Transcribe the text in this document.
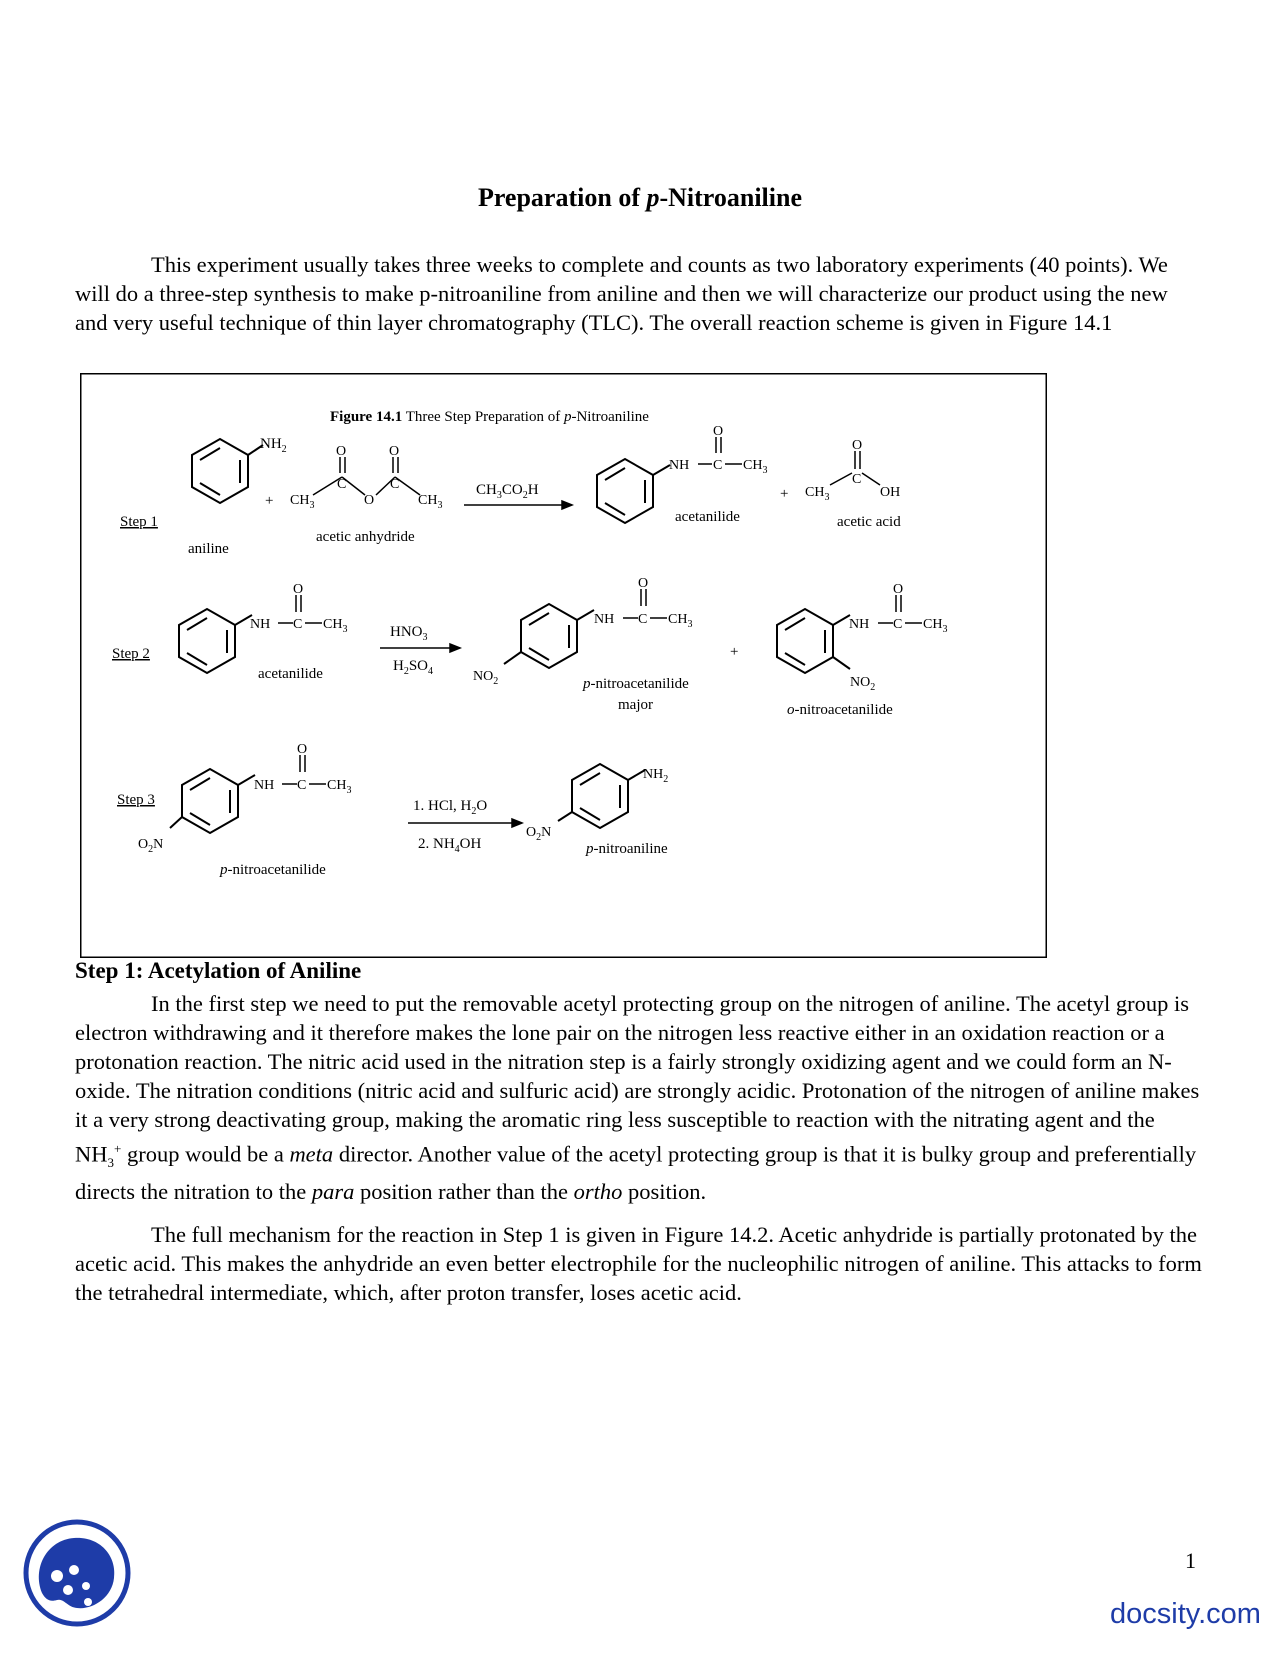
Preparation of p-Nitroaniline

This experiment usually takes three weeks to complete and counts as two laboratory experiments (40 points). We will do a three-step synthesis to make p-nitroaniline from aniline and then we will characterize our product using the new and very useful technique of thin layer chromatography (TLC). The overall reaction scheme is given in Figure 14.1

Figure 14.1 Three Step Preparation of p-Nitroaniline
Step 1
$NH_2$
aniline
+
O	O
C	C
O
$CH_3$	$CH_3$
acetic anhydride
$CH_3CO_2H$
NH
O
C $CH_3$
acetanilide
+
O
C
$CH_3$	OH
acetic acid
Step 2
NH
O
C $CH_3$
acetanilide
$HNO_3$
$H_2SO_4$
NH
O
C $CH_3$
$NO_2$	p-nitroacetanilide
major
+
NH
O
C $CH_3$
$NO_2$
o-nitroacetanilide
Step 3
NH
O
C $CH_3$
$O_2N$
p-nitroacetanilide
1. HCl, $H_2O$
2. $NH_4OH$
$NH_2$
$O_2N$
p-nitroaniline
Step 1: Acetylation of Aniline

In the first step we need to put the removable acetyl protecting group on the nitrogen of aniline. The acetyl group is electron withdrawing and it therefore makes the lone pair on the nitrogen less reactive either in an oxidation reaction or a protonation reaction. The nitric acid used in the nitration step is a fairly strongly oxidizing agent and we could form an N-oxide. The nitration conditions (nitric acid and sulfuric acid) are strongly acidic. Protonation of the nitrogen of aniline makes it a very strong deactivating group, making the aromatic ring less susceptible to reaction with the nitrating agent and the $NH_3^+$ group would be a meta director. Another value of the acetyl protecting group is that it is bulky group and preferentially directs the nitration to the para position rather than the ortho position.

The full mechanism for the reaction in Step 1 is given in Figure 14.2. Acetic anhydride is partially protonated by the acetic acid. This makes the anhydride an even better electrophile for the nucleophilic nitrogen of aniline. This attacks to form the tetrahedral intermediate, which, after proton transfer, loses acetic acid.

1
docsity.com
